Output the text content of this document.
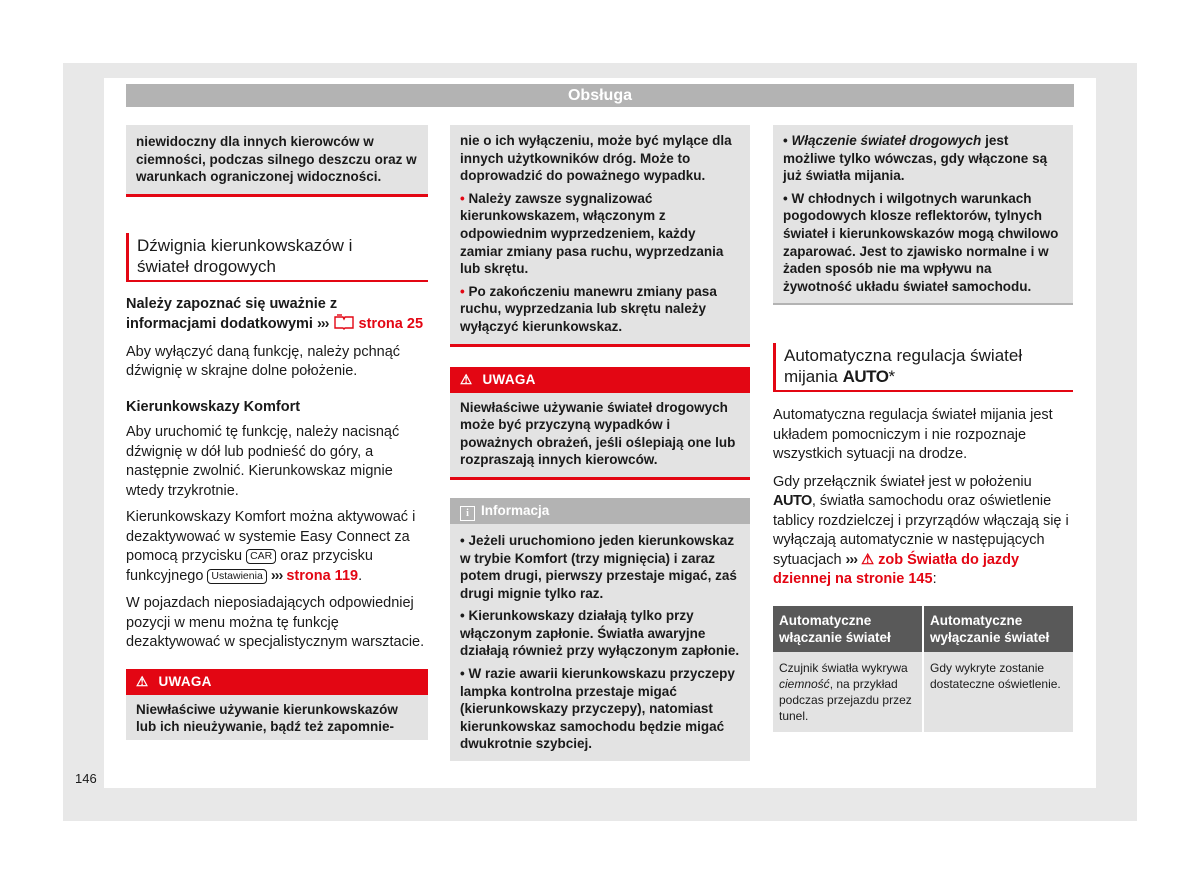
Obsługa

niewidoczny dla innych kierowców w ciemności, podczas silnego deszczu oraz w warunkach ograniczonej widoczności.

Dźwignia kierunkowskazów i
świateł drogowych

Należy zapoznać się uważnie z informacjami dodatkowymi ››› strona 25

Aby wyłączyć daną funkcję, należy pchnąć dźwignię w skrajne dolne położenie.

Kierunkowskazy Komfort

Aby uruchomić tę funkcję, należy nacisnąć dźwignię w dół lub podnieść do góry, a następnie zwolnić. Kierunkowskaz mignie wtedy trzykrotnie.

Kierunkowskazy Komfort można aktywować i dezaktywować w systemie Easy Connect za pomocą przycisku CAR oraz przycisku funkcyjnego Ustawienia ››› strona 119.

W pojazdach nieposiadających odpowiedniej pozycji w menu można tę funkcję dezaktywować w specjalistycznym warsztacie.

⚠ UWAGA

Niewłaściwe używanie kierunkowskazów lub ich nieużywanie, bądź też zapomnie-

nie o ich wyłączeniu, może być mylące dla innych użytkowników dróg. Może to doprowadzić do poważnego wypadku.

• Należy zawsze sygnalizować kierunkowskazem, włączonym z odpowiednim wyprzedzeniem, każdy zamiar zmiany pasa ruchu, wyprzedzania lub skrętu.

• Po zakończeniu manewru zmiany pasa ruchu, wyprzedzania lub skrętu należy wyłączyć kierunkowskaz.

⚠ UWAGA

Niewłaściwe używanie świateł drogowych może być przyczyną wypadków i poważnych obrażeń, jeśli oślepiają one lub rozpraszają innych kierowców.

i Informacja

• Jeżeli uruchomiono jeden kierunkowskaz w trybie Komfort (trzy mignięcia) i zaraz potem drugi, pierwszy przestaje migać, zaś drugi mignie tylko raz.

• Kierunkowskazy działają tylko przy włączonym zapłonie. Światła awaryjne działają również przy wyłączonym zapłonie.

• W razie awarii kierunkowskazu przyczepy lampka kontrolna przestaje migać (kierunkowskazy przyczepy), natomiast kierunkowskaz samochodu będzie migać dwukrotnie szybciej.

• Włączenie świateł drogowych jest możliwe tylko wówczas, gdy włączone są już światła mijania.

• W chłodnych i wilgotnych warunkach pogodowych klosze reflektorów, tylnych świateł i kierunkowskazów mogą chwilowo zaparować. Jest to zjawisko normalne i w żaden sposób nie ma wpływu na żywotność układu świateł samochodu.

Automatyczna regulacja świateł
mijania AUTO*

Automatyczna regulacja świateł mijania jest układem pomocniczym i nie rozpoznaje wszystkich sytuacji na drodze.

Gdy przełącznik świateł jest w położeniu AUTO, światła samochodu oraz oświetlenie tablicy rozdzielczej i przyrządów włączają się i wyłączają automatycznie w następujących sytuacjach ››› ⚠ zob Światła do jazdy dziennej na stronie 145:

Automatyczne włączanie świateł	Automatyczne wyłączanie świateł
Czujnik światła wykrywa ciemność, na przykład podczas przejazdu przez tunel.	Gdy wykryte zostanie dostateczne oświetlenie.
146
